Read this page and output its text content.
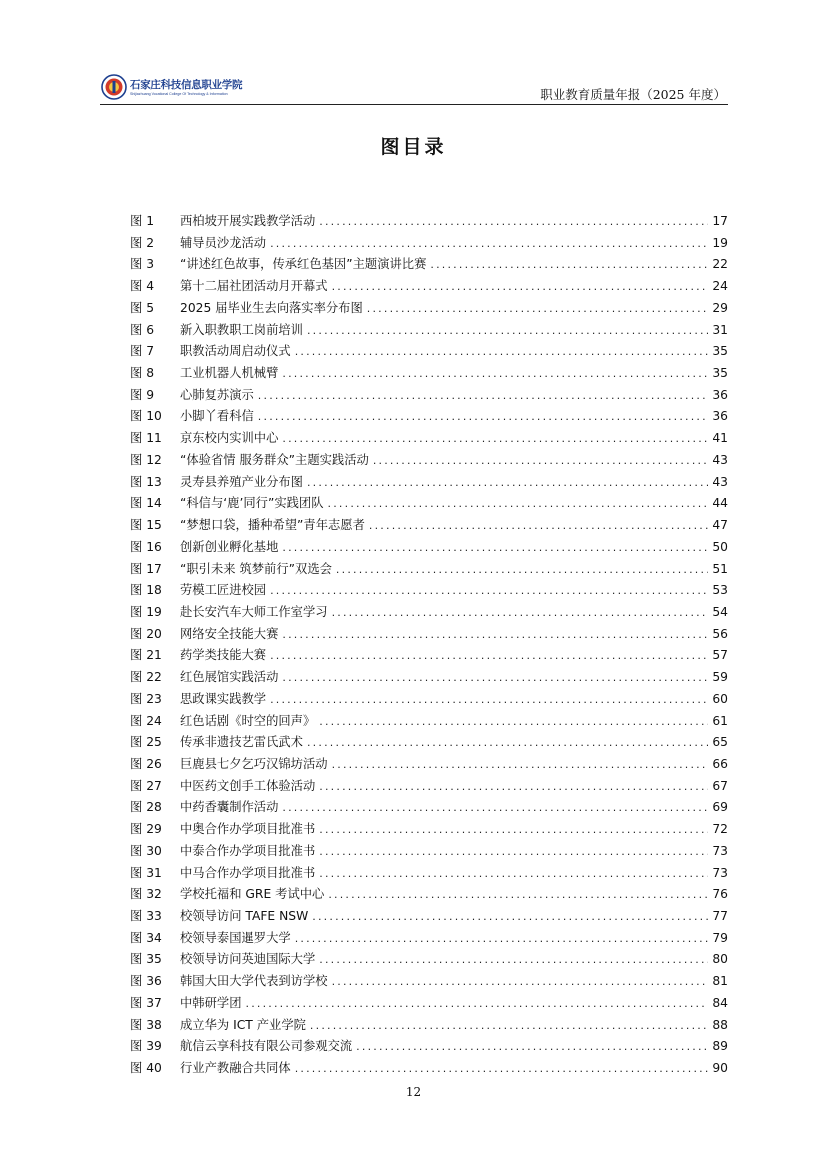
石家庄科技信息职业学院
Shijiazhuang Vocational College Of Technology & Information	职业教育质量年报（2025 年度）
图目录
图 1	西柏坡开展实践教学活动 .....	17
图 2	辅导员沙龙活动 .....	19
图 3	“讲述红色故事，传承红色基因”主题演讲比赛 .....	22
图 4	第十二届社团活动月开幕式 .....	24
图 5	2025 届毕业生去向落实率分布图 .....	29
图 6	新入职教职工岗前培训 .....	31
图 7	职教活动周启动仪式 .....	35
图 8	工业机器人机械臂 .....	35
图 9	心肺复苏演示 .....	36
图 10	小脚丫看科信 .....	36
图 11	京东校内实训中心 .....	41
图 12	“体验省情 服务群众”主题实践活动 .....	43
图 13	灵寿县养殖产业分布图 .....	43
图 14	“科信与‘鹿’同行”实践团队 .....	44
图 15	“梦想口袋，播种希望”青年志愿者 .....	47
图 16	创新创业孵化基地 .....	50
图 17	“职引未来 筑梦前行”双选会 .....	51
图 18	劳模工匠进校园 .....	53
图 19	赴长安汽车大师工作室学习 .....	54
图 20	网络安全技能大赛 .....	56
图 21	药学类技能大赛 .....	57
图 22	红色展馆实践活动 .....	59
图 23	思政课实践教学 .....	60
图 24	红色话剧《时空的回声》 .....	61
图 25	传承非遗技艺雷氏武术 .....	65
图 26	巨鹿县七夕乞巧汉锦坊活动 .....	66
图 27	中医药文创手工体验活动 .....	67
图 28	中药香囊制作活动 .....	69
图 29	中奥合作办学项目批准书 .....	72
图 30	中泰合作办学项目批准书 .....	73
图 31	中马合作办学项目批准书 .....	73
图 32	学校托福和 GRE 考试中心 .....	76
图 33	校领导访问 TAFE NSW .....	77
图 34	校领导泰国暹罗大学 .....	79
图 35	校领导访问英迪国际大学 .....	80
图 36	韩国大田大学代表到访学校 .....	81
图 37	中韩研学团 .....	84
图 38	成立华为 ICT 产业学院 .....	88
图 39	航信云享科技有限公司参观交流 .....	89
图 40	行业产教融合共同体 .....	90
12
